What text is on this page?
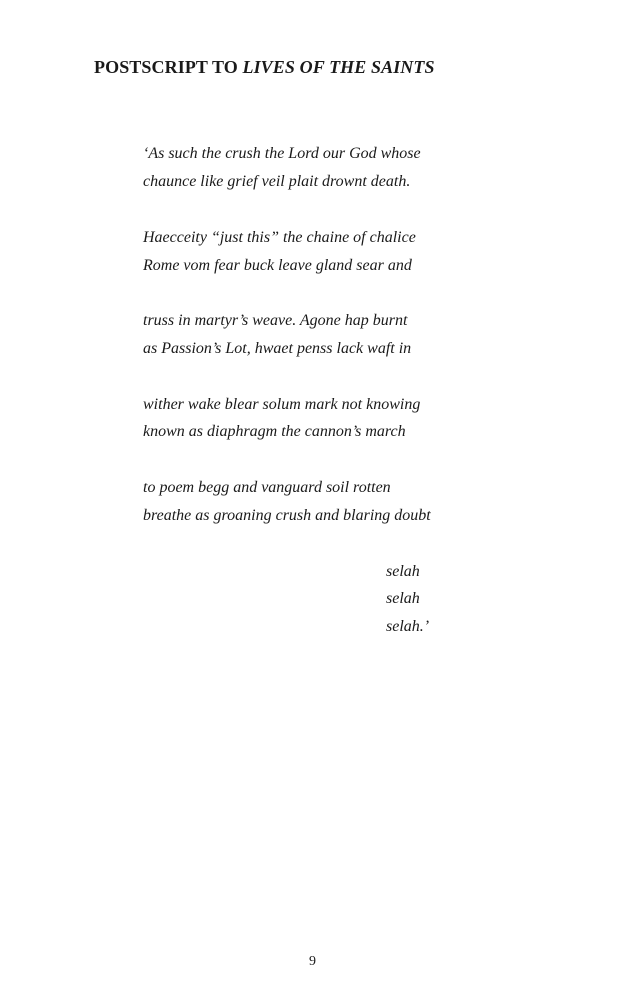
POSTSCRIPT TO LIVES OF THE SAINTS
‘As such the crush the Lord our God whose
chaunce like grief veil plait drownt death.
Haecceity “just this” the chaine of chalice
Rome vom fear buck leave gland sear and
truss in martyr’s weave. Agone hap burnt
as Passion’s Lot, hwaet penss lack waft in
wither wake blear solum mark not knowing
known as diaphragm the cannon’s march
to poem begg and vanguard soil rotten
breathe as groaning crush and blaring doubt
selah
selah
selah.’
9
